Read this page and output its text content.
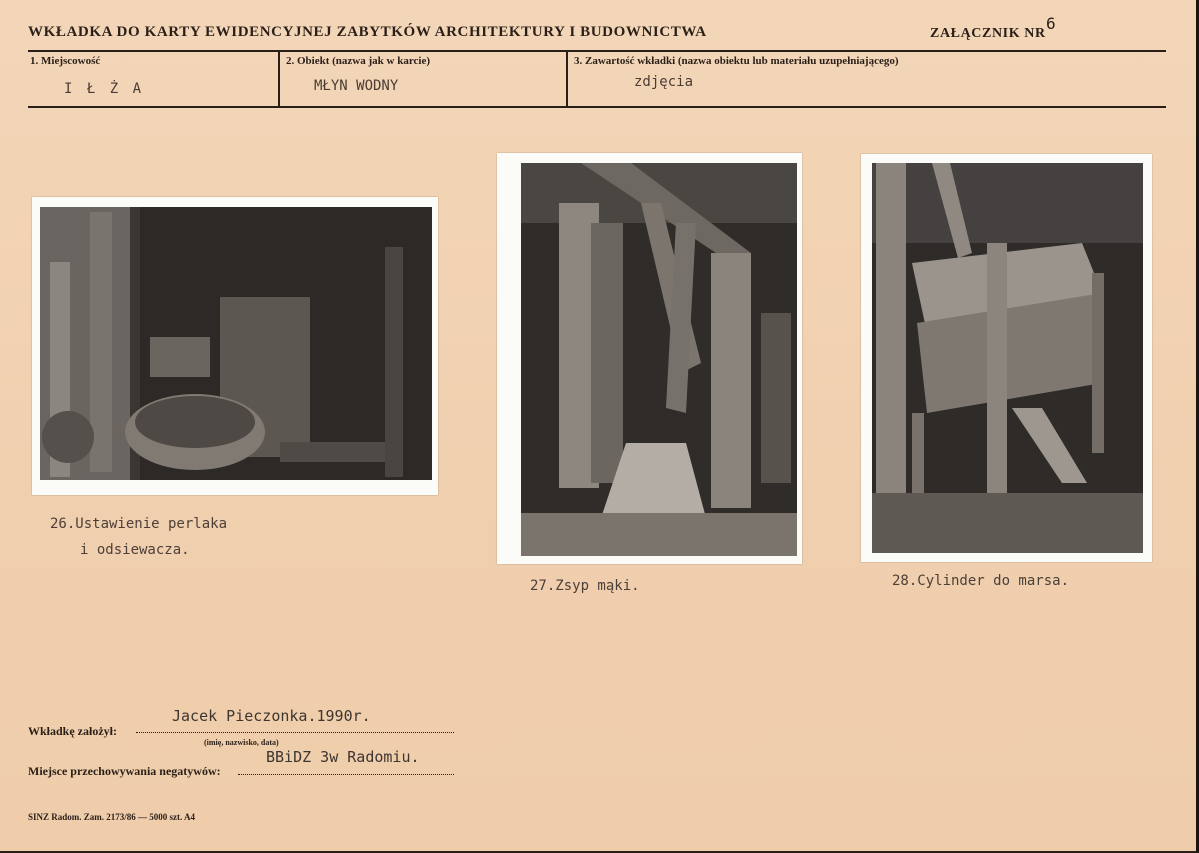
WKŁADKA DO KARTY EWIDENCYJNEJ ZABYTKÓW ARCHITEKTURY I BUDOWNICTWA	ZAŁĄCZNIK NR
6
1. Miejscowość
I Ł Ż A
2. Obiekt (nazwa jak w karcie)
MŁYN WODNY
3. Zawartość wkładki (nazwa obiektu lub materiału uzupełniającego)
zdjęcia
26.Ustawienie perlaka
i odsiewacza.
27.Zsyp mąki.	28.Cylinder do marsa.
Jacek Pieczonka.1990r.
Wkładkę założył:
(imię, nazwisko, data)
BBiDZ 3w Radomiu.
Miejsce przechowywania negatywów:
SINZ Radom. Zam. 2173/86 — 5000 szt. A4
